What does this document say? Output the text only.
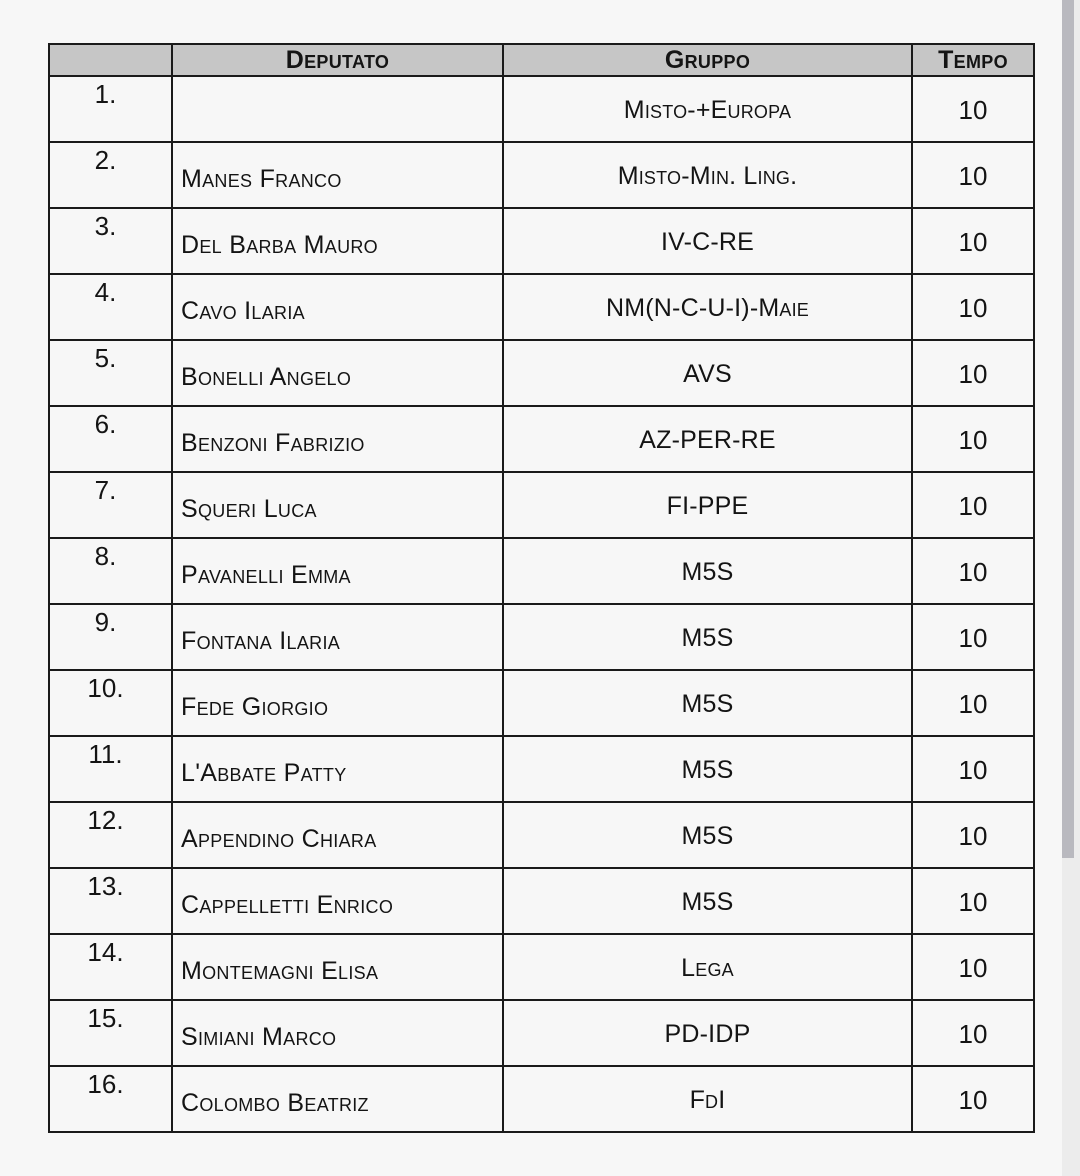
	Deputato	Gruppo	Tempo
1.		Misto-+Europa	10
2.	Manes Franco	Misto-Min. Ling.	10
3.	Del Barba Mauro	IV-C-RE	10
4.	Cavo Ilaria	NM(N-C-U-I)-Maie	10
5.	Bonelli Angelo	AVS	10
6.	Benzoni Fabrizio	AZ-PER-RE	10
7.	Squeri Luca	FI-PPE	10
8.	Pavanelli Emma	M5S	10
9.	Fontana Ilaria	M5S	10
10.	Fede Giorgio	M5S	10
11.	L'Abbate Patty	M5S	10
12.	Appendino Chiara	M5S	10
13.	Cappelletti Enrico	M5S	10
14.	Montemagni Elisa	Lega	10
15.	Simiani Marco	PD-IDP	10
16.	Colombo Beatriz	FdI	10
